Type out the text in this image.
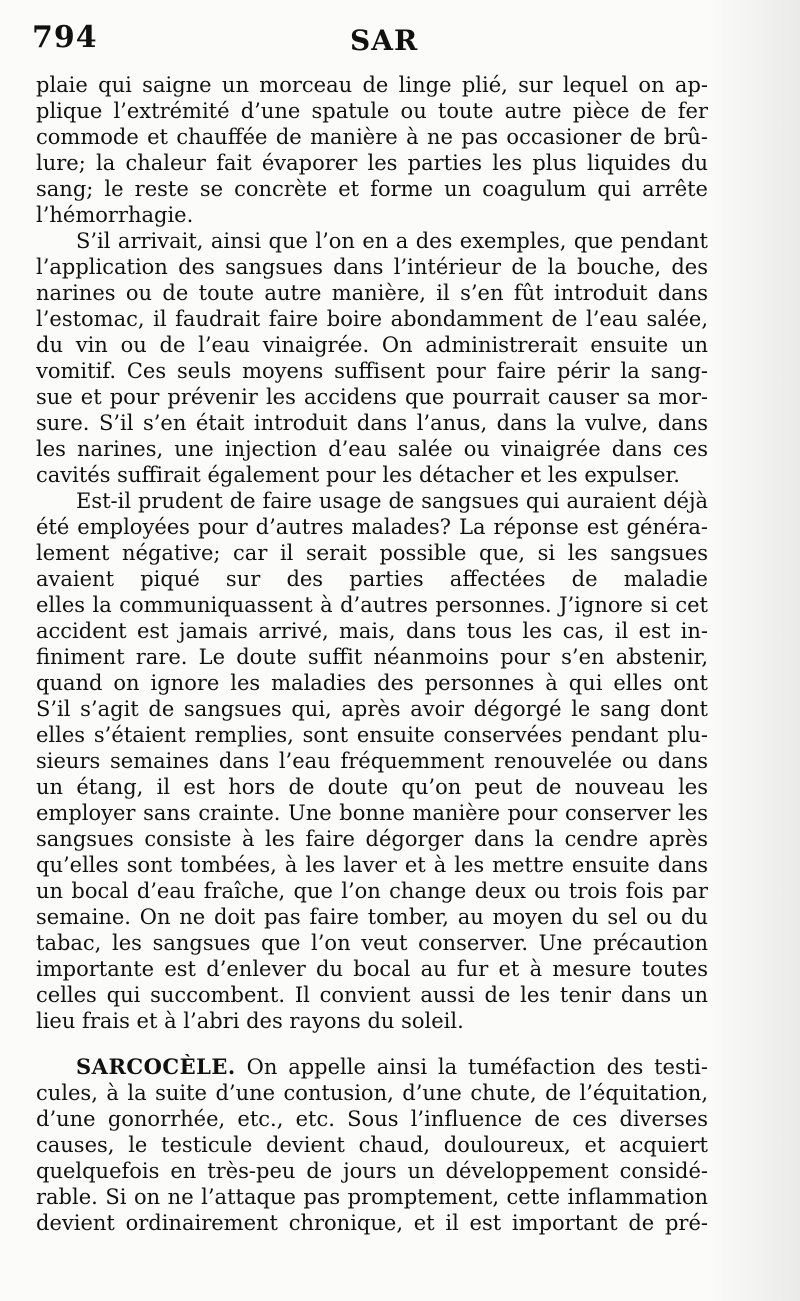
794	SAR
plaie qui saigne un morceau de linge plié, sur lequel on ap-
plique l’extrémité d’une spatule ou toute autre pièce de fer
commode et chauffée de manière à ne pas occasioner de brû-
lure; la chaleur fait évaporer les parties les plus liquides du
sang; le reste se concrète et forme un coagulum qui arrête
l’hémorrhagie.
S’il arrivait, ainsi que l’on en a des exemples, que pendant
l’application des sangsues dans l’intérieur de la bouche, des
narines ou de toute autre manière, il s’en fût introduit dans
l’estomac, il faudrait faire boire abondamment de l’eau salée,
du vin ou de l’eau vinaigrée. On administrerait ensuite un
vomitif. Ces seuls moyens suffisent pour faire périr la sang-
sue et pour prévenir les accidens que pourrait causer sa mor-
sure. S’il s’en était introduit dans l’anus, dans la vulve, dans
les narines, une injection d’eau salée ou vinaigrée dans ces
cavités suffirait également pour les détacher et les expulser.
Est-il prudent de faire usage de sangsues qui auraient déjà
été employées pour d’autres malades? La réponse est généra-
lement négative; car il serait possible que, si les sangsues
avaient piqué sur des parties affectées de maladie
elles la communiquassent à d’autres personnes. J’ignore si cet
accident est jamais arrivé, mais, dans tous les cas, il est in-
finiment rare. Le doute suffit néanmoins pour s’en abstenir,
quand on ignore les maladies des personnes à qui elles ont
S’il s’agit de sangsues qui, après avoir dégorgé le sang dont
elles s’étaient remplies, sont ensuite conservées pendant plu-
sieurs semaines dans l’eau fréquemment renouvelée ou dans
un étang, il est hors de doute qu’on peut de nouveau les
employer sans crainte. Une bonne manière pour conserver les
sangsues consiste à les faire dégorger dans la cendre après
qu’elles sont tombées, à les laver et à les mettre ensuite dans
un bocal d’eau fraîche, que l’on change deux ou trois fois par
semaine. On ne doit pas faire tomber, au moyen du sel ou du
tabac, les sangsues que l’on veut conserver. Une précaution
importante est d’enlever du bocal au fur et à mesure toutes
celles qui succombent. Il convient aussi de les tenir dans un
lieu frais et à l’abri des rayons du soleil.
SARCOCÈLE. On appelle ainsi la tuméfaction des testi-
cules, à la suite d’une contusion, d’une chute, de l’équitation,
d’une gonorrhée, etc., etc. Sous l’influence de ces diverses
causes, le testicule devient chaud, douloureux, et acquiert
quelquefois en très-peu de jours un développement considé-
rable. Si on ne l’attaque pas promptement, cette inflammation
devient ordinairement chronique, et il est important de pré-
